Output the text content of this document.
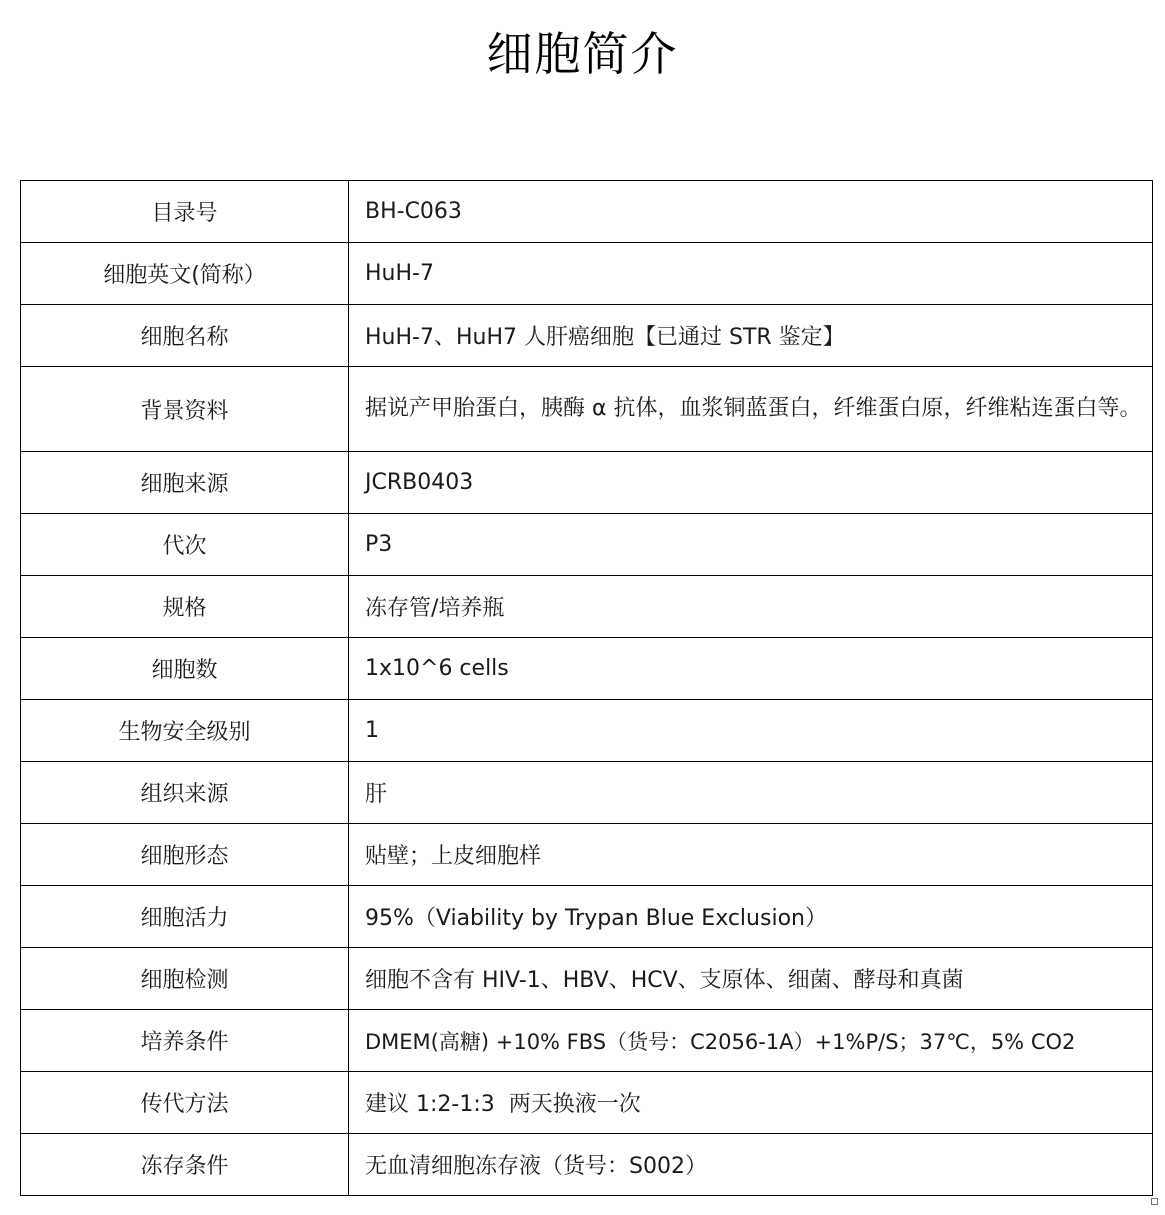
细胞简介
目录号	BH-C063
细胞英文(简称）	HuH-7
细胞名称	HuH-7、HuH7 人肝癌细胞【已通过 STR 鉴定】
背景资料	据说产甲胎蛋白，胰酶 α 抗体，血浆铜蓝蛋白，纤维蛋白原，纤维粘连蛋白等。
细胞来源	JCRB0403
代次	P3
规格	冻存管/培养瓶
细胞数	1x10^6 cells
生物安全级别	1
组织来源	肝
细胞形态	贴壁；上皮细胞样
细胞活力	95%（Viability by Trypan Blue Exclusion）
细胞检测	细胞不含有 HIV-1、HBV、HCV、支原体、细菌、酵母和真菌
培养条件	DMEM(高糖) +10% FBS（货号：C2056-1A）+1%P/S；37℃，5% CO2
传代方法	建议 1:2-1:3  两天换液一次
冻存条件	无血清细胞冻存液（货号：S002）
